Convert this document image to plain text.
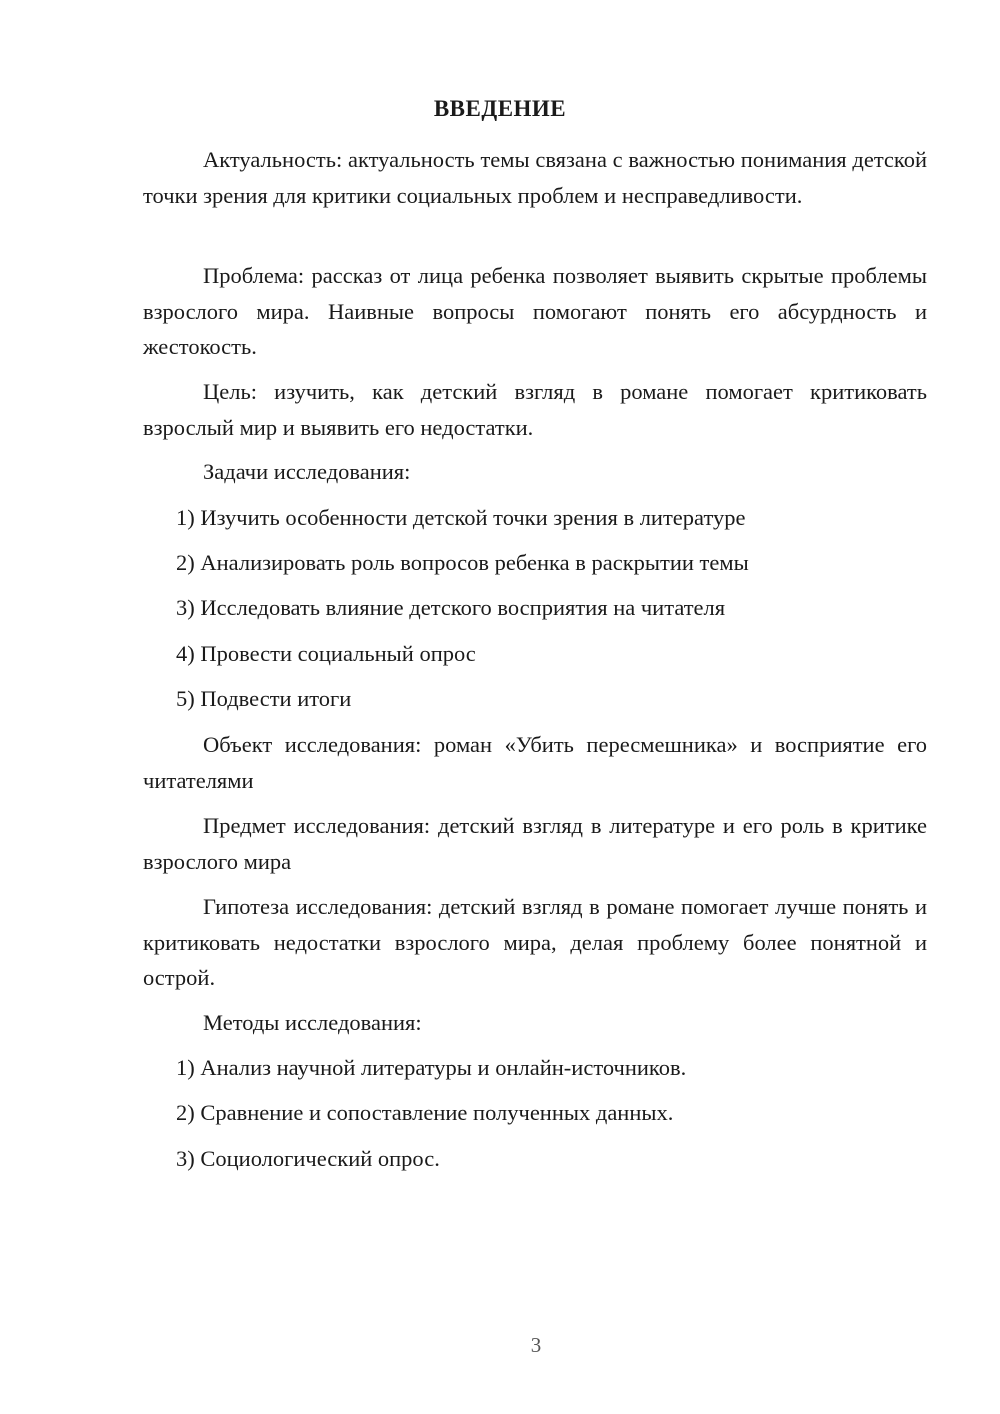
ВВЕДЕНИЕ

Актуальность: актуальность темы связана с важностью понимания детской точки зрения для критики социальных проблем и несправедливости.

Проблема: рассказ от лица ребенка позволяет выявить скрытые проблемы взрослого мира. Наивные вопросы помогают понять его абсурдность и жестокость.

Цель: изучить, как детский взгляд в романе помогает критиковать взрослый мир и выявить его недостатки.

Задачи исследования:

1) Изучить особенности детской точки зрения в литературе

2) Анализировать роль вопросов ребенка в раскрытии темы

3) Исследовать влияние детского восприятия на читателя

4) Провести социальный опрос

5) Подвести итоги

Объект исследования: роман «Убить пересмешника» и восприятие его читателями

Предмет исследования: детский взгляд в литературе и его роль в критике взрослого мира

Гипотеза исследования: детский взгляд в романе помогает лучше понять и критиковать недостатки взрослого мира, делая проблему более понятной и острой.

Методы исследования:

1) Анализ научной литературы и онлайн-источников.

2) Сравнение и сопоставление полученных данных.

3) Социологический опрос.

3
